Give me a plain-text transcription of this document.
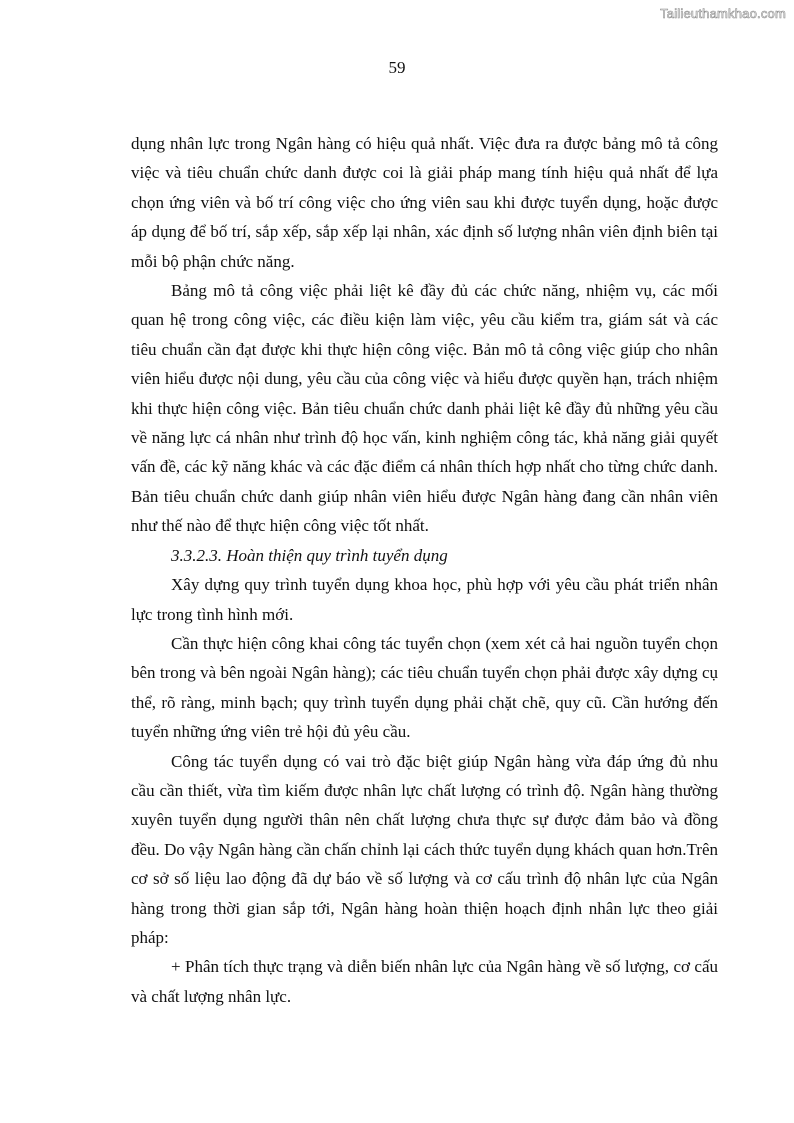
Tailieuthamkhao.com
59

dụng nhân lực trong Ngân hàng có hiệu quả nhất. Việc đưa ra được bảng mô tả công việc và tiêu chuẩn chức danh được coi là giải pháp mang tính hiệu quả nhất để lựa chọn ứng viên và bố trí công việc cho ứng viên sau khi được tuyển dụng, hoặc được áp dụng để bố trí, sắp xếp, sắp xếp lại nhân, xác định số lượng nhân viên định biên tại mỗi bộ phận chức năng.

Bảng mô tả công việc phải liệt kê đầy đủ các chức năng, nhiệm vụ, các mối quan hệ trong công việc, các điều kiện làm việc, yêu cầu kiểm tra, giám sát và các tiêu chuẩn cần đạt được khi thực hiện công việc. Bản mô tả công việc giúp cho nhân viên hiểu được nội dung, yêu cầu của công việc và hiểu được quyền hạn, trách nhiệm khi thực hiện công việc. Bản tiêu chuẩn chức danh phải liệt kê đầy đủ những yêu cầu về năng lực cá nhân như trình độ học vấn, kinh nghiệm công tác, khả năng giải quyết vấn đề, các kỹ năng khác và các đặc điểm cá nhân thích hợp nhất cho từng chức danh. Bản tiêu chuẩn chức danh giúp nhân viên hiểu được Ngân hàng đang cần nhân viên như thế nào để thực hiện công việc tốt nhất.

3.3.2.3. Hoàn thiện quy trình tuyển dụng

Xây dựng quy trình tuyển dụng khoa học, phù hợp với yêu cầu phát triển nhân lực trong tình hình mới.

Cần thực hiện công khai công tác tuyển chọn (xem xét cả hai nguồn tuyển chọn bên trong và bên ngoài Ngân hàng); các tiêu chuẩn tuyển chọn phải được xây dựng cụ thể, rõ ràng, minh bạch; quy trình tuyển dụng phải chặt chẽ, quy cũ. Cần hướng đến tuyển những ứng viên trẻ hội đủ yêu cầu.

Công tác tuyển dụng có vai trò đặc biệt giúp Ngân hàng vừa đáp ứng đủ nhu cầu cần thiết, vừa tìm kiếm được nhân lực chất lượng có trình độ. Ngân hàng thường xuyên tuyển dụng người thân nên chất lượng chưa thực sự được đảm bảo và đồng đều. Do vậy Ngân hàng cần chấn chỉnh lại cách thức tuyển dụng khách quan hơn.Trên cơ sở số liệu lao động đã dự báo về số lượng và cơ cấu trình độ nhân lực của Ngân hàng trong thời gian sắp tới, Ngân hàng hoàn thiện hoạch định nhân lực theo giải pháp:

+ Phân tích thực trạng và diễn biến nhân lực của Ngân hàng về số lượng, cơ cấu và chất lượng nhân lực.
